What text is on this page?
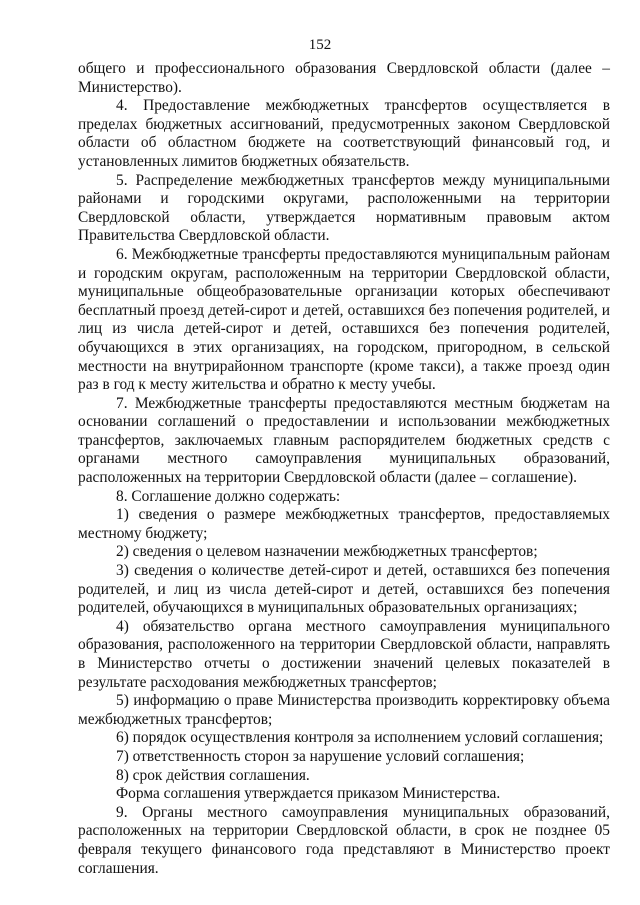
152

общего и профессионального образования Свердловской области (далее – Министерство).

4. Предоставление межбюджетных трансфертов осуществляется в пределах бюджетных ассигнований, предусмотренных законом Свердловской области об областном бюджете на соответствующий финансовый год, и установленных лимитов бюджетных обязательств.

5. Распределение межбюджетных трансфертов между муниципальными районами и городскими округами, расположенными на территории Свердловской области, утверждается нормативным правовым актом Правительства Свердловской области.

6. Межбюджетные трансферты предоставляются муниципальным районам и городским округам, расположенным на территории Свердловской области, муниципальные общеобразовательные организации которых обеспечивают бесплатный проезд детей-сирот и детей, оставшихся без попечения родителей, и лиц из числа детей-сирот и детей, оставшихся без попечения родителей, обучающихся в этих организациях, на городском, пригородном, в сельской местности на внутрирайонном транспорте (кроме такси), а также проезд один раз в год к месту жительства и обратно к месту учебы.

7. Межбюджетные трансферты предоставляются местным бюджетам на основании соглашений о предоставлении и использовании межбюджетных трансфертов, заключаемых главным распорядителем бюджетных средств с органами местного самоуправления муниципальных образований, расположенных на территории Свердловской области (далее – соглашение).

8. Соглашение должно содержать:

1) сведения о размере межбюджетных трансфертов, предоставляемых местному бюджету;

2) сведения о целевом назначении межбюджетных трансфертов;

3) сведения о количестве детей-сирот и детей, оставшихся без попечения родителей, и лиц из числа детей-сирот и детей, оставшихся без попечения родителей, обучающихся в муниципальных образовательных организациях;

4) обязательство органа местного самоуправления муниципального образования, расположенного на территории Свердловской области, направлять в Министерство отчеты о достижении значений целевых показателей в результате расходования межбюджетных трансфертов;

5) информацию о праве Министерства производить корректировку объема межбюджетных трансфертов;

6) порядок осуществления контроля за исполнением условий соглашения;

7) ответственность сторон за нарушение условий соглашения;

8) срок действия соглашения.

Форма соглашения утверждается приказом Министерства.

9. Органы местного самоуправления муниципальных образований, расположенных на территории Свердловской области, в срок не позднее 05 февраля текущего финансового года представляют в Министерство проект соглашения.
